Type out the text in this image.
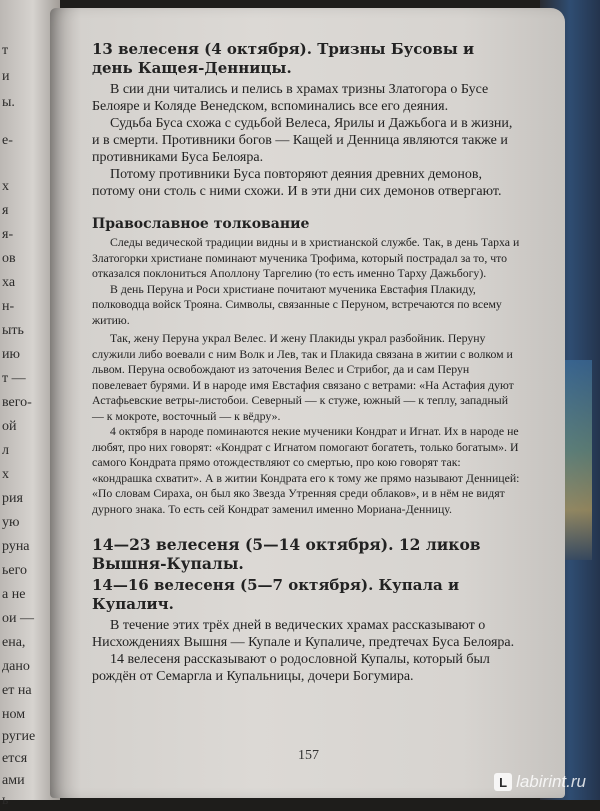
т
и
ы.
e-
х
я
я-
ов
ха
н-
ыть
ию
т —
вего-
ой
л
x
рия
ую
руна
ьего
а не
ои —
ена,
дано
ет на
ном
ругие
ется
ами
ь

13 велесеня (4 октября). Тризны Бусовы и день Кащея-Денницы.

В сии дни читались и пелись в храмах тризны Златогора о Бусе Белояре и Коляде Венедском, вспоминались все его деяния.

Судьба Буса схожа с судьбой Велеса, Ярилы и Дажьбога и в жизни, и в смерти. Противники богов — Кащей и Денница являются также и противниками Буса Белояра.

Потому противники Буса повторяют деяния древних демонов, потому они столь с ними схожи. И в эти дни сих демонов отвергают.

Православное толкование

Следы ведической традиции видны и в христианской службе. Так, в день Тарха и Златогорки христиане поминают мученика Трофима, который пострадал за то, что отказался поклониться Аполлону Таргелию (то есть именно Тарху Дажьбогу).

В день Перуна и Роси христиане почитают мученика Евстафия Плакиду, полководца войск Трояна. Символы, связанные с Перуном, встречаются по всему житию.

Так, жену Перуна украл Велес. И жену Плакиды украл разбойник. Перуну служили либо воевали с ним Волк и Лев, так и Плакида связана в житии с волком и львом. Перуна освобождают из заточения Велес и Стрибог, да и сам Перун повелевает бурями. И в народе имя Евстафия связано с ветрами: «На Астафия дуют Астафьевские ветры-листобои. Северный — к стуже, южный — к теплу, западный — к мокроте, восточный — к вёдру».

4 октября в народе поминаются некие мученики Кондрат и Игнат. Их в народе не любят, про них говорят: «Кондрат с Игнатом помогают богатеть, только богатым». И самого Кондрата прямо отождествляют со смертью, про кою говорят так: «кондрашка схватит». А в житии Кондрата его к тому же прямо называют Денницей: «По словам Сираха, он был яко Звезда Утренняя среди облаков», и в нём не видят дурного знака. То есть сей Кондрат заменил именно Мориана-Денницу.

14—23 велесеня (5—14 октября). 12 ликов Вышня-Купалы.

14—16 велесеня (5—7 октября). Купала и Купалич.

В течение этих трёх дней в ведических храмах рассказывают о Нисхождениях Вышня — Купале и Купаличе, предтечах Буса Белояра.

14 велесеня рассказывают о родословной Купалы, который был рождён от Семаргла и Купальницы, дочери Богумира.

157
L labirint.ru
